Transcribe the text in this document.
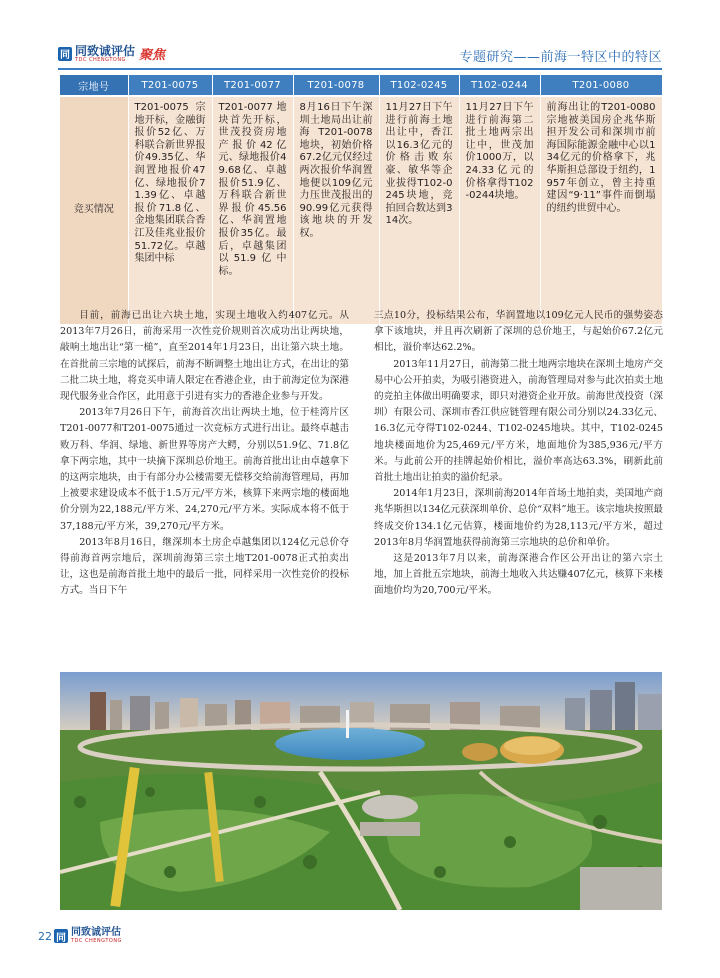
同 同致诚评估
TDC CHENGTONG	聚焦	专题研究——前海一特区中的特区
宗地号	T201-0075	T201-0077	T201-0078	T102-0245	T102-0244	T201-0080
竞买情况	T201-0075宗地开标，金融街报价52亿、万科联合新世界报价49.35亿、华润置地报价47亿、绿地报价71.39亿、卓越报价71.8亿、金地集团联合香江及佳兆业报价51.72亿。卓越集团中标	T201-0077地块首先开标，世茂投资房地产报价42亿元、绿地报价49.68亿、卓越报价51.9亿、万科联合新世界报价45.56亿、华润置地报价35亿。最后，卓越集团以51.9亿中标。	8月16日下午深圳土地局出让前海T201-0078地块，初始价格67.2亿元仅经过两次报价华润置地便以109亿元力压世茂报出的90.99亿元获得该地块的开发权。	11月27日下午进行前海土地出让中，香江以16.3亿元的价格击败东豪、敏华等企业拔得T102-0245块地，竞拍回合数达到314次。	11月27日下午进行前海第二批土地两宗出让中，世茂加价1000万，以24.33亿元的价格拿得T102-0244块地。	前海出让的T201-0080宗地被美国房企兆华斯担开发公司和深圳市前海国际能源金融中心以134亿元的价格拿下，兆华斯担总部设于纽约，1957年创立，曾主持重建因“9·11”事件而倒塌的纽约世贸中心。

目前，前海已出让六块土地，实现土地收入约407亿元。从2013年7月26日，前海采用一次性竞价规则首次成功出让两块地，敲响土地出让“第一槌”，直至2014年1月23日，出让第六块土地。在首批前三宗地的试探后，前海不断调整土地出让方式，在出让的第二批二块土地，将竞买申请人限定在香港企业，由于前海定位为深港现代服务业合作区，此用意于引进有实力的香港企业参与开发。

2013年7月26日下午，前海首次出让两块土地，位于桂湾片区T201-0077和T201-0075通过一次竞标方式进行出让。最终卓越击败万科、华润、绿地、新世界等房产大鳄，分别以51.9亿、71.8亿拿下两宗地，其中一块摘下深圳总价地王。前海首批出让由卓越拿下的这两宗地块，由于有部分办公楼需要无偿移交给前海管理局，再加上被要求建设成本不低于1.5万元/平方米，核算下来两宗地的楼面地价分别为22,188元/平方米、24,270元/平方米。实际成本将不低于37,188元/平方米，39,270元/平方米。

2013年8月16日，继深圳本土房企卓越集团以124亿元总价夺得前海首两宗地后，深圳前海第三宗土地T201-0078正式拍卖出让，这也是前海首批土地中的最后一批，同样采用一次性竞价的投标方式。当日下午

三点10分，投标结果公布，华润置地以109亿元人民币的强势姿态拿下该地块，并且再次刷新了深圳的总价地王，与起始价67.2亿元相比，溢价率达62.2%。

2013年11月27日，前海第二批土地两宗地块在深圳土地房产交易中心公开拍卖，为吸引港资进入，前海管理局对参与此次拍卖土地的竞拍主体做出明确要求，即只对港资企业开放。前海世茂投资（深圳）有限公司、深圳市香江供应链管理有限公司分别以24.33亿元、16.3亿元夺得T102-0244、T102-0245地块。其中，T102-0245地块楼面地价为25,469元/平方米，地面地价为385,936元/平方米。与此前公开的挂牌起始价相比，溢价率高达63.3%，刷新此前首批土地出让拍卖的溢价纪录。

2014年1月23日，深圳前海2014年首场土地拍卖，美国地产商兆华斯担以134亿元获深圳单价、总价“双料”地王。该宗地块按照最终成交价134.1亿元估算，楼面地价约为28,113元/平方米，超过2013年8月华润置地获得前海第三宗地块的总价和单价。

这是2013年7月以来，前海深港合作区公开出让的第六宗土地，加上首批五宗地块，前海土地收入共达赚407亿元，核算下来楼面地价均为20,700元/平米。

22 同 同致诚评估
TDC CHENGTONG
